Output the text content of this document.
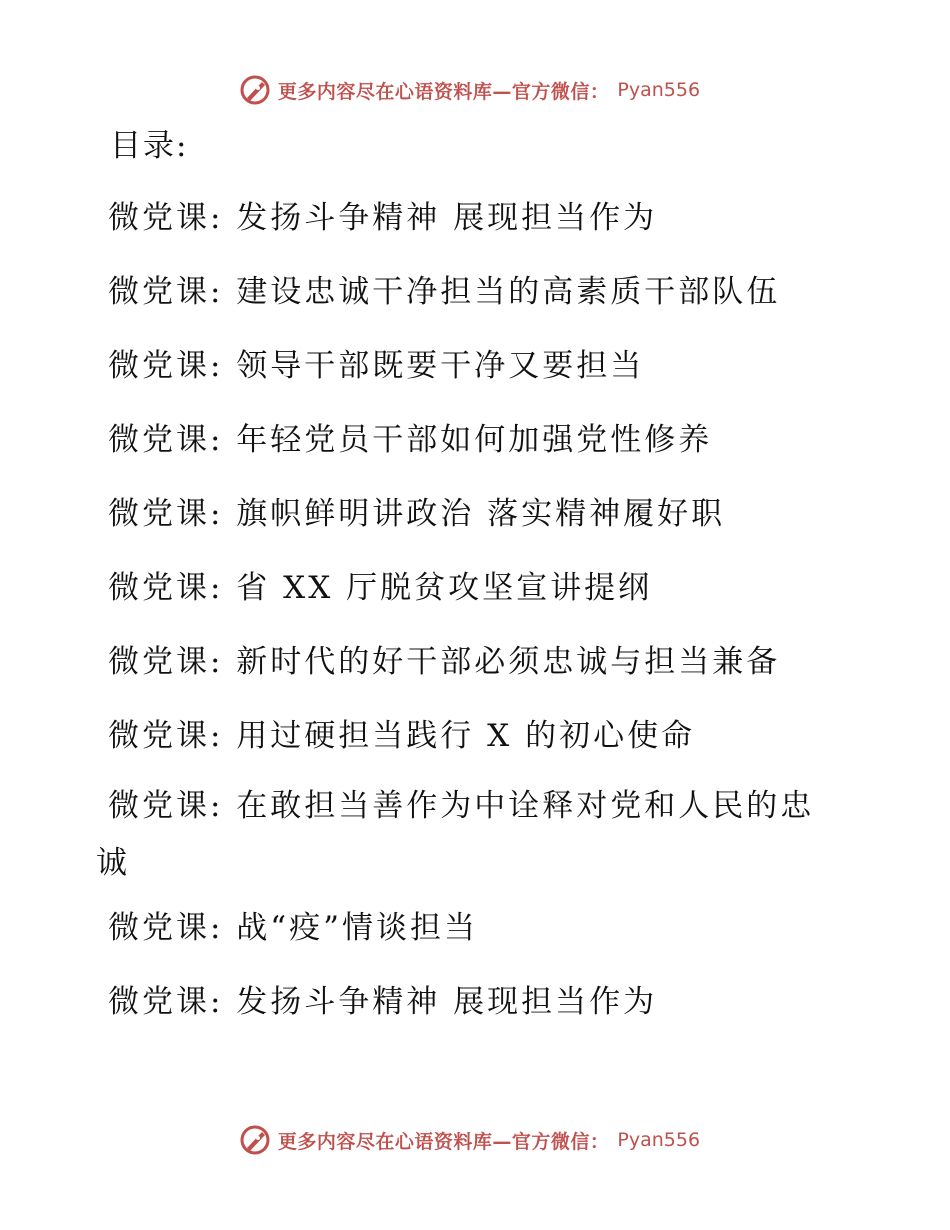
更多内容尽在心语资料库—官方微信： Pyan556
目录:
微党课: 发扬斗争精神 展现担当作为
微党课: 建设忠诚干净担当的高素质干部队伍
微党课: 领导干部既要干净又要担当
微党课: 年轻党员干部如何加强党性修养
微党课: 旗帜鲜明讲政治 落实精神履好职
微党课: 省 XX 厅脱贫攻坚宣讲提纲
微党课: 新时代的好干部必须忠诚与担当兼备
微党课: 用过硬担当践行 X 的初心使命
微党课: 在敢担当善作为中诠释对党和人民的忠
诚
微党课: 战“疫”情谈担当
微党课: 发扬斗争精神 展现担当作为
更多内容尽在心语资料库—官方微信： Pyan556
